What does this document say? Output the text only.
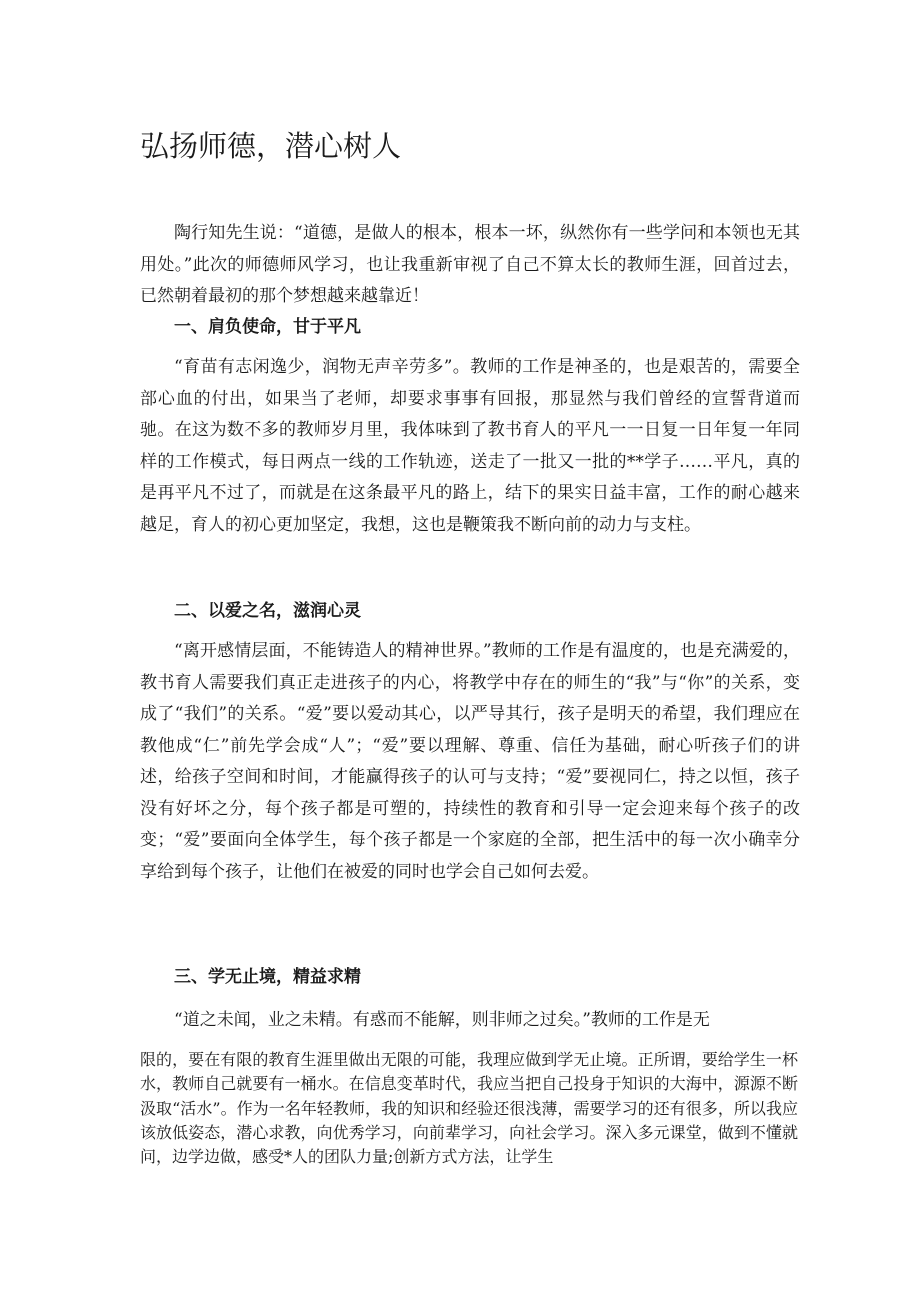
弘扬师德，潜心树人

陶行知先生说：“道德，是做人的根本，根本一坏，纵然你有一些学问和本领也无其用处。”此次的师德师风学习，也让我重新审视了自己不算太长的教师生涯，回首过去，已然朝着最初的那个梦想越来越靠近！

一、肩负使命，甘于平凡

“育苗有志闲逸少，润物无声辛劳多”。教师的工作是神圣的，也是艰苦的，需要全部心血的付出，如果当了老师，却要求事事有回报，那显然与我们曾经的宣誓背道而驰。在这为数不多的教师岁月里，我体味到了教书育人的平凡一一日复一日年复一年同样的工作模式，每日两点一线的工作轨迹，送走了一批又一批的**学子……平凡，真的是再平凡不过了，而就是在这条最平凡的路上，结下的果实日益丰富，工作的耐心越来越足，育人的初心更加坚定，我想，这也是鞭策我不断向前的动力与支柱。

二、以爱之名，滋润心灵

“离开感情层面，不能铸造人的精神世界。”教师的工作是有温度的，也是充满爱的，教书育人需要我们真正走进孩子的内心，将教学中存在的师生的“我”与“你”的关系，变成了“我们”的关系。“爱”要以爱动其心，以严导其行，孩子是明天的希望，我们理应在教他成“仁”前先学会成“人”；“爱”要以理解、尊重、信任为基础，耐心听孩子们的讲述，给孩子空间和时间，才能赢得孩子的认可与支持；“爱”要视同仁，持之以恒，孩子没有好坏之分，每个孩子都是可塑的，持续性的教育和引导一定会迎来每个孩子的改变；“爱”要面向全体学生，每个孩子都是一个家庭的全部，把生活中的每一次小确幸分享给到每个孩子，让他们在被爱的同时也学会自己如何去爱。

三、学无止境，精益求精

“道之未闻，业之未精。有惑而不能解，则非师之过矣。”教师的工作是无

限的，要在有限的教育生涯里做出无限的可能，我理应做到学无止境。正所谓，要给学生一杯水，教师自己就要有一桶水。在信息变革时代，我应当把自己投身于知识的大海中，源源不断汲取“活水”。作为一名年轻教师，我的知识和经验还很浅薄，需要学习的还有很多，所以我应该放低姿态，潜心求教，向优秀学习，向前辈学习，向社会学习。深入多元课堂，做到不懂就问，边学边做，感受*人的团队力量;创新方式方法，让学生
